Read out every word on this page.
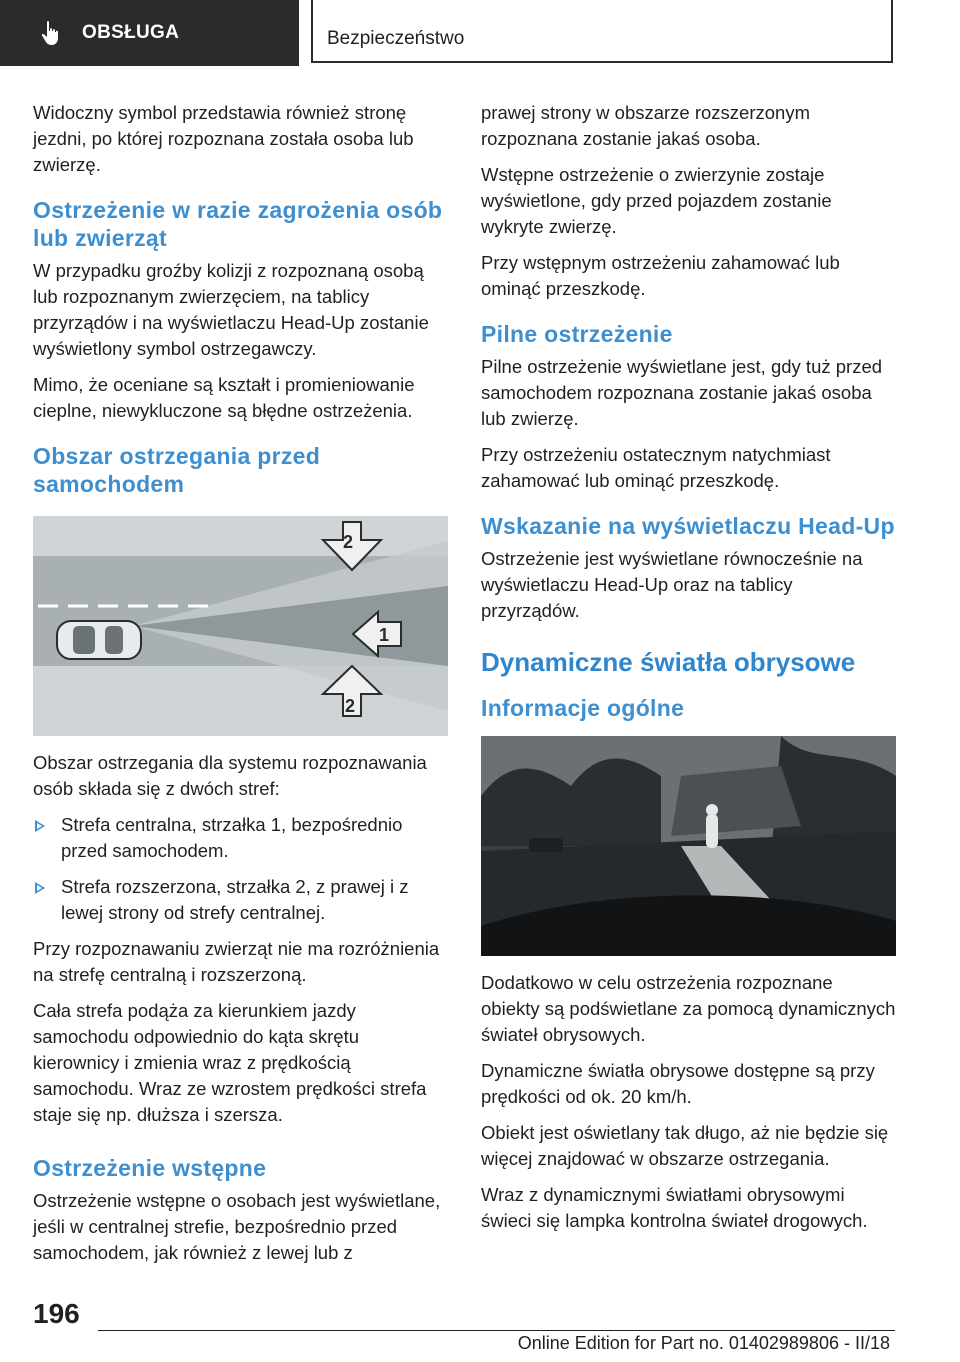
OBSŁUGA	Bezpieczeństwo

Widoczny symbol przedstawia również stronę jezdni, po której rozpoznana została osoba lub zwierzę.

Ostrzeżenie w razie zagrożenia osób lub zwierząt

W przypadku groźby kolizji z rozpoznaną osobą lub rozpoznanym zwierzęciem, na tablicy przyrządów i na wyświetlaczu Head-Up zostanie wyświetlony symbol ostrzegawczy.

Mimo, że oceniane są kształt i promieniowanie cieplne, niewykluczone są błędne ostrzeżenia.

Obszar ostrzegania przed samochodem
2
1
2

Obszar ostrzegania dla systemu rozpoznawania osób składa się z dwóch stref:

Strefa centralna, strzałka 1, bezpośrednio przed samochodem.
Strefa rozszerzona, strzałka 2, z prawej i z lewej strony od strefy centralnej.

Przy rozpoznawaniu zwierząt nie ma rozróżnienia na strefę centralną i rozszerzoną.

Cała strefa podąża za kierunkiem jazdy samochodu odpowiednio do kąta skrętu kierownicy i zmienia wraz z prędkością samochodu. Wraz ze wzrostem prędkości strefa staje się np. dłuższa i szersza.

Ostrzeżenie wstępne

Ostrzeżenie wstępne o osobach jest wyświetlane, jeśli w centralnej strefie, bezpośrednio przed samochodem, jak również z lewej lub z

prawej strony w obszarze rozszerzonym rozpoznana zostanie jakaś osoba.

Wstępne ostrzeżenie o zwierzynie zostaje wyświetlone, gdy przed pojazdem zostanie wykryte zwierzę.

Przy wstępnym ostrzeżeniu zahamować lub ominąć przeszkodę.

Pilne ostrzeżenie

Pilne ostrzeżenie wyświetlane jest, gdy tuż przed samochodem rozpoznana zostanie jakaś osoba lub zwierzę.

Przy ostrzeżeniu ostatecznym natychmiast zahamować lub ominąć przeszkodę.

Wskazanie na wyświetlaczu Head-Up

Ostrzeżenie jest wyświetlane równocześnie na wyświetlaczu Head-Up oraz na tablicy przyrządów.

Dynamiczne światła obrysowe
Informacje ogólne

Dodatkowo w celu ostrzeżenia rozpoznane obiekty są podświetlane za pomocą dynamicznych świateł obrysowych.

Dynamiczne światła obrysowe dostępne są przy prędkości od ok. 20 km/h.

Obiekt jest oświetlany tak długo, aż nie będzie się więcej znajdować w obszarze ostrzegania.

Wraz z dynamicznymi światłami obrysowymi świeci się lampka kontrolna świateł drogowych.

196
Online Edition for Part no. 01402989806 - II/18
